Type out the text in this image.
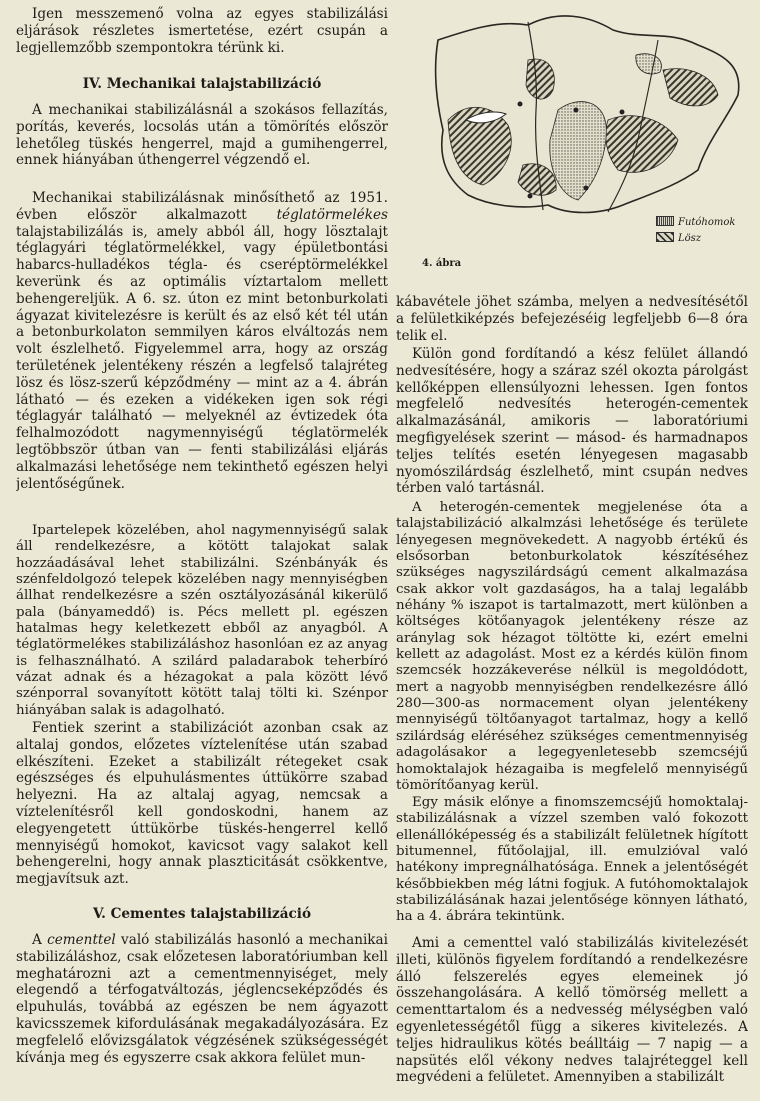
Igen messzemenő volna az egyes stabilizálási eljárások részletes ismertetése, ezért csupán a legjellemzőbb szempontokra térünk ki.

IV. Mechanikai talajstabilizáció

A mechanikai stabilizálásnál a szokásos fellazítás, porítás, keverés, locsolás után a tömörítés először lehetőleg tüskés hengerrel, majd a gumihengerrel, ennek hiányában úthengerrel végzendő el.

Mechanikai stabilizálásnak minősíthető az 1951. évben először alkalmazott téglatörmelékes talajstabilizálás is, amely abból áll, hogy lösztalajt téglagyári téglatörmelékkel, vagy épületbontási habarcs-hulladékos tégla- és cseréptörmelékkel keverünk és az optimális víztartalom mellett behengereljük. A 6. sz. úton ez mint betonburkolati ágyazat kivitelezésre is került és az első két tél után a betonburkolaton semmilyen káros elváltozás nem volt észlelhető. Figyelemmel arra, hogy az ország területének jelentékeny részén a legfelső talajréteg lösz és lösz-szerű képződmény — mint az a 4. ábrán látható — és ezeken a vidékeken igen sok régi téglagyár található — melyeknél az évtizedek óta felhalmozódott nagymennyiségű téglatörmelék legtöbbször útban van — fenti stabilizálási eljárás alkalmazási lehetősége nem tekinthető egészen helyi jelentőségűnek.

Ipartelepek közelében, ahol nagymennyiségű salak áll rendelkezésre, a kötött talajokat salak hozzáadásával lehet stabilizálni. Szénbányák és szénfeldolgozó telepek közelében nagy mennyiségben állhat rendelkezésre a szén osztályozásánál kikerülő pala (bányameddő) is. Pécs mellett pl. egészen hatalmas hegy keletkezett ebből az anyagból. A téglatörmelékes stabilizáláshoz hasonlóan ez az anyag is felhasználható. A szilárd paladarabok teherbíró vázat adnak és a hézagokat a pala között lévő szénporral sovanyított kötött talaj tölti ki. Szénpor hiányában salak is adagolható.

Fentiek szerint a stabilizációt azonban csak az altalaj gondos, előzetes víztelenítése után szabad elkészíteni. Ezeket a stabilizált rétegeket csak egészséges és elpuhulásmentes úttükörre szabad helyezni. Ha az altalaj agyag, nemcsak a víztelenítésről kell gondoskodni, hanem az elegyengetett úttükörbe tüskés-hengerrel kellő mennyiségű homokot, kavicsot vagy salakot kell behengerelni, hogy annak plaszticitását csökkentve, megjavítsuk azt.

V. Cementes talajstabilizáció

A cementtel való stabilizálás hasonló a mechanikai stabilizáláshoz, csak előzetesen laboratóriumban kell meghatározni azt a cementmennyiséget, mely elegendő a térfogatváltozás, jéglencseképződés és elpuhulás, továbbá az egészen be nem ágyazott kavicsszemek kifordulásának megakadályozására. Ez megfelelő elővizsgálatok végzésének szükségességét kívánja meg és egyszerre csak akkora felület mun-

Futóhomok
Lösz
4. ábra

kábavétele jöhet számba, melyen a nedvesítésétől a felületkiképzés befejezéséig legfeljebb 6—8 óra telik el.

Külön gond fordítandó a kész felület állandó nedvesítésére, hogy a száraz szél okozta párolgást kellőképpen ellensúlyozni lehessen. Igen fontos megfelelő nedvesítés heterogén-cementek alkalmazásánál, amikoris — laboratóriumi megfigyelések szerint — másod- és harmadnapos teljes telítés esetén lényegesen magasabb nyomószilárdság észlelhető, mint csupán nedves térben való tartásnál.

A heterogén-cementek megjelenése óta a talajstabilizáció alkalmzási lehetősége és területe lényegesen megnövekedett. A nagyobb értékű és elsősorban betonburkolatok készítéséhez szükséges nagyszilárdságú cement alkalmazása csak akkor volt gazdaságos, ha a talaj legalább néhány % iszapot is tartalmazott, mert különben a költséges kötőanyagok jelentékeny része az aránylag sok hézagot töltötte ki, ezért emelni kellett az adagolást. Most ez a kérdés külön finom szemcsék hozzákeverése nélkül is megoldódott, mert a nagyobb mennyiségben rendelkezésre álló 280—300-as normacement olyan jelentékeny mennyiségű töltőanyagot tartalmaz, hogy a kellő szilárdság eléréséhez szükséges cementmennyiség adagolásakor a legegyenletesebb szemcséjű homoktalajok hézagaiba is megfelelő mennyiségű tömörítőanyag kerül.

Egy másik előnye a finomszemcséjű homoktalaj-stabilizálásnak a vízzel szemben való fokozott ellenállóképesség és a stabilizált felületnek hígított bitumennel, fűtőolajjal, ill. emulzióval való hatékony impregnálhatósága. Ennek a jelentőségét későbbiekben még látni fogjuk. A futóhomoktalajok stabilizálásának hazai jelentősége könnyen látható, ha a 4. ábrára tekintünk.

Ami a cementtel való stabilizálás kivitelezését illeti, különös figyelem fordítandó a rendelkezésre álló felszerelés egyes elemeinek jó összehangolására. A kellő tömörség mellett a cementtartalom és a nedvesség mélységben való egyenletességétől függ a sikeres kivitelezés. A teljes hidraulikus kötés beálltáig — 7 napig — a napsütés elől vékony nedves talajréteggel kell megvédeni a felületet. Amennyiben a stabilizált
